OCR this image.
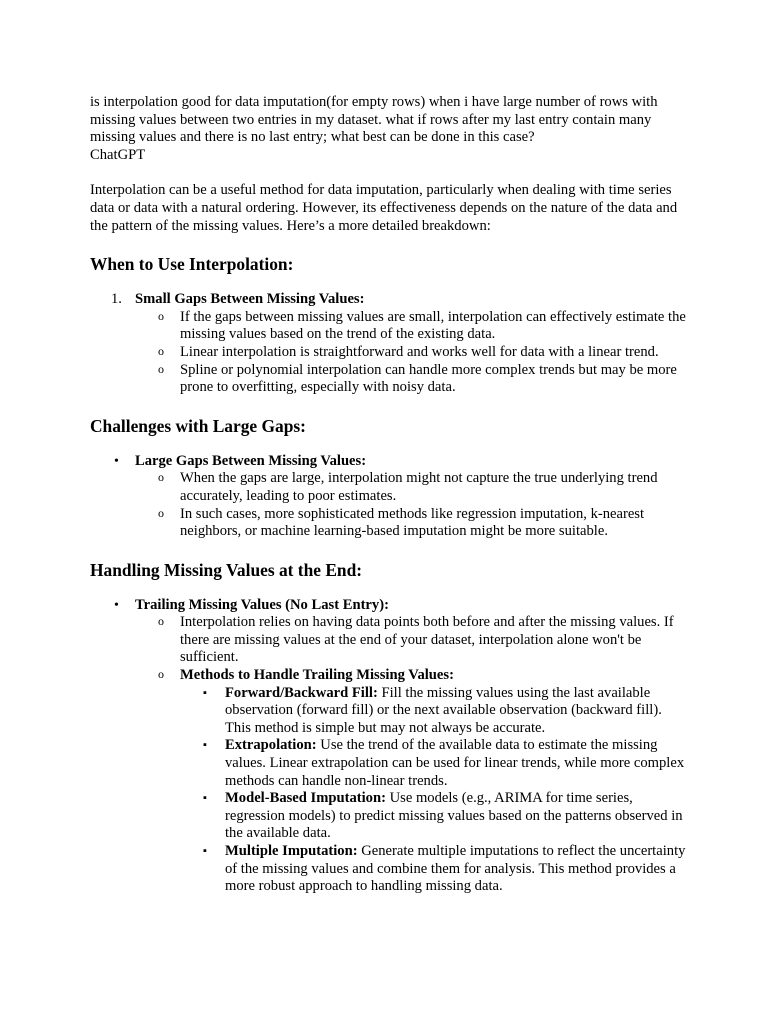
is interpolation good for data imputation(for empty rows) when i have large number of rows with missing values between two entries in my dataset. what if rows after my last entry contain many missing values and there is no last entry; what best can be done in this case?

ChatGPT

Interpolation can be a useful method for data imputation, particularly when dealing with time series data or data with a natural ordering. However, its effectiveness depends on the nature of the data and the pattern of the missing values. Here’s a more detailed breakdown:

When to Use Interpolation:
1. Small Gaps Between Missing Values:
o If the gaps between missing values are small, interpolation can effectively estimate the missing values based on the trend of the existing data.
o Linear interpolation is straightforward and works well for data with a linear trend.
o Spline or polynomial interpolation can handle more complex trends but may be more prone to overfitting, especially with noisy data.
Challenges with Large Gaps:
• Large Gaps Between Missing Values:
o When the gaps are large, interpolation might not capture the true underlying trend accurately, leading to poor estimates.
o In such cases, more sophisticated methods like regression imputation, k-nearest neighbors, or machine learning-based imputation might be more suitable.
Handling Missing Values at the End:
• Trailing Missing Values (No Last Entry):
o Interpolation relies on having data points both before and after the missing values. If there are missing values at the end of your dataset, interpolation alone won't be sufficient.
o Methods to Handle Trailing Missing Values:
▪ Forward/Backward Fill: Fill the missing values using the last available observation (forward fill) or the next available observation (backward fill). This method is simple but may not always be accurate.
▪ Extrapolation: Use the trend of the available data to estimate the missing values. Linear extrapolation can be used for linear trends, while more complex methods can handle non-linear trends.
▪ Model-Based Imputation: Use models (e.g., ARIMA for time series, regression models) to predict missing values based on the patterns observed in the available data.
▪ Multiple Imputation: Generate multiple imputations to reflect the uncertainty of the missing values and combine them for analysis. This method provides a more robust approach to handling missing data.
